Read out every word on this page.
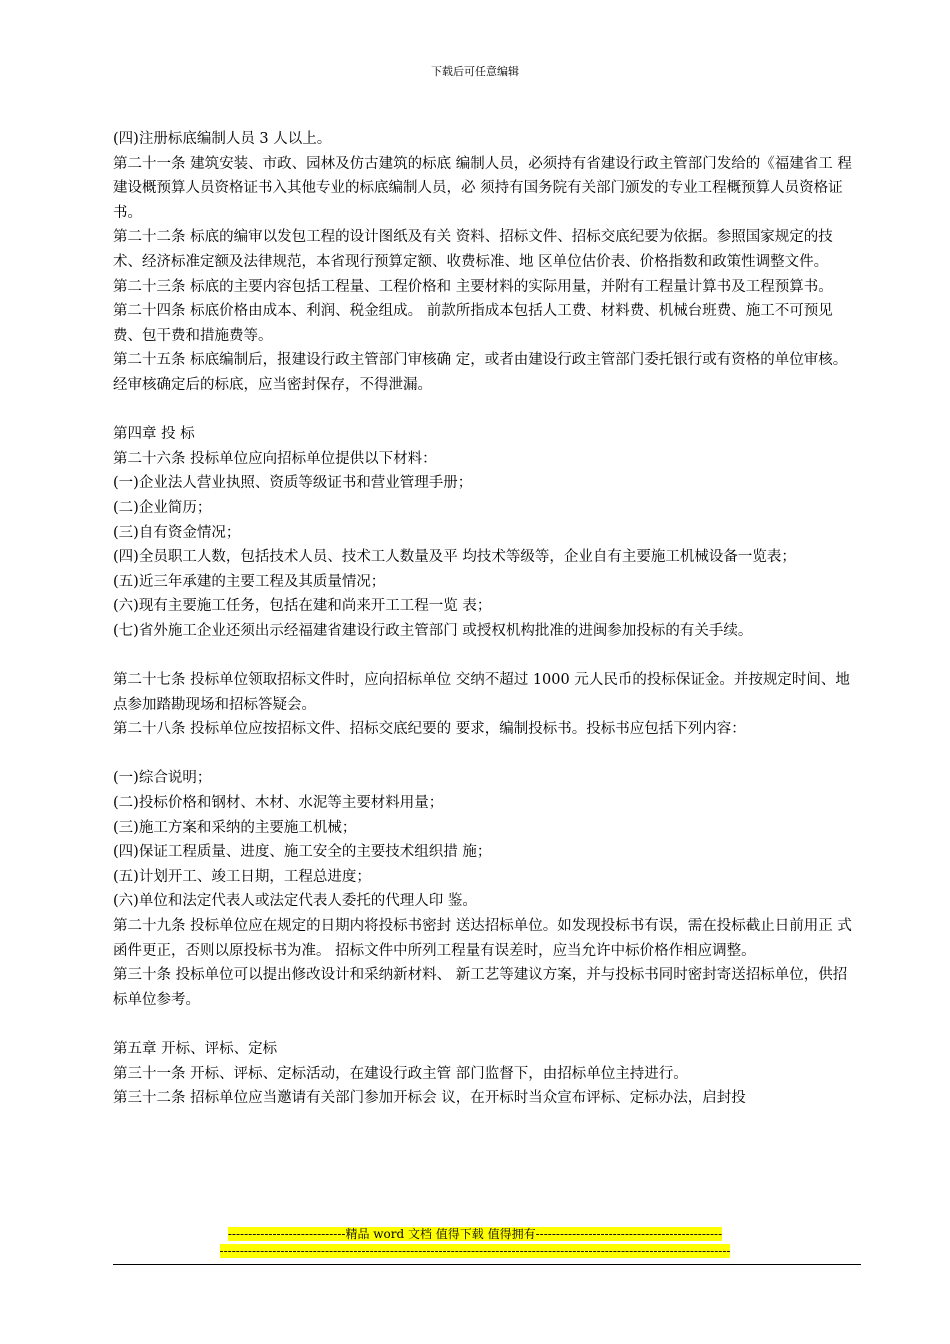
下载后可任意编辑

(四)注册标底编制人员 3 人以上。

第二十一条 建筑安装、市政、园林及仿古建筑的标底 编制人员，必须持有省建设行政主管部门发给的《福建省工 程建设概预算人员资格证书入其他专业的标底编制人员，必 须持有国务院有关部门颁发的专业工程概预算人员资格证 书。

第二十二条 标底的编审以发包工程的设计图纸及有关 资料、招标文件、招标交底纪要为依据。参照国家规定的技 术、经济标准定额及法律规范，本省现行预算定额、收费标准、地 区单位估价表、价格指数和政策性调整文件。

第二十三条 标底的主要内容包括工程量、工程价格和 主要材料的实际用量，并附有工程量计算书及工程预算书。

第二十四条 标底价格由成本、利润、税金组成。 前款所指成本包括人工费、材料费、机械台班费、施工不可预见费、包干费和措施费等。

第二十五条 标底编制后，报建设行政主管部门审核确 定，或者由建设行政主管部门委托银行或有资格的单位审核。 经审核确定后的标底，应当密封保存，不得泄漏。

第四章 投 标

第二十六条 投标单位应向招标单位提供以下材料：

(一)企业法人营业执照、资质等级证书和营业管理手册；

(二)企业简历；

(三)自有资金情况；

(四)全员职工人数，包括技术人员、技术工人数量及平 均技术等级等，企业自有主要施工机械设备一览表；

(五)近三年承建的主要工程及其质量情况；

(六)现有主要施工任务，包括在建和尚来开工工程一览 表；

(七)省外施工企业还须出示经福建省建设行政主管部门 或授权机构批准的进闽参加投标的有关手续。

第二十七条 投标单位领取招标文件时，应向招标单位 交纳不超过 1000 元人民币的投标保证金。并按规定时间、地 点参加踏勘现场和招标答疑会。

第二十八条 投标单位应按招标文件、招标交底纪要的 要求，编制投标书。投标书应包括下列内容：

(一)综合说明；

(二)投标价格和钢材、木材、水泥等主要材料用量；

(三)施工方案和采纳的主要施工机械；

(四)保证工程质量、进度、施工安全的主要技术组织措 施；

(五)计划开工、竣工日期，工程总进度；

(六)单位和法定代表人或法定代表人委托的代理人印 鉴。

第二十九条 投标单位应在规定的日期内将投标书密封 送达招标单位。如发现投标书有误，需在投标截止日前用正 式函件更正，否则以原投标书为准。 招标文件中所列工程量有误差时，应当允许中标价格作相应调整。

第三十条 投标单位可以提出修改设计和采纳新材料、 新工艺等建议方案，并与投标书同时密封寄送招标单位，供招标单位参考。

第五章 开标、评标、定标

第三十一条 开标、评标、定标活动，在建设行政主管 部门监督下，由招标单位主持进行。

第三十二条 招标单位应当邀请有关部门参加开标会 议，在开标时当众宣布评标、定标办法，启封投

-----------------------------精品 word 文档 值得下载 值得拥有----------------------------------------------
------------------------------------------------------------------------------------------------------------------------------
